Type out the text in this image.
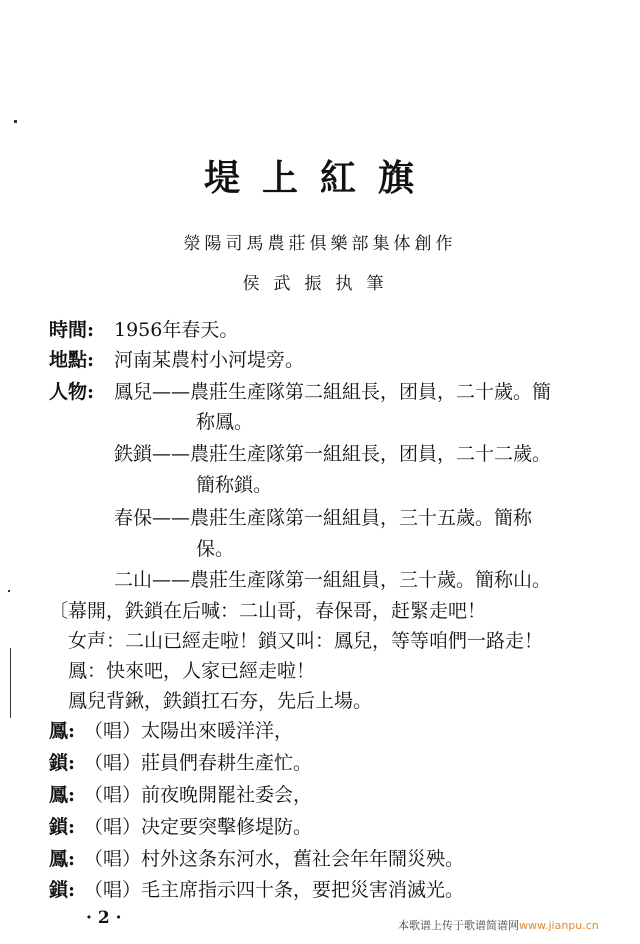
堤上紅旗
滎陽司馬農莊俱樂部集体創作
侯武振执筆
時間: 1956年春天。
地點: 河南某農村小河堤旁。
人物: 鳳兒——農莊生產隊第二組組長，团員，二十歲。簡
称鳳。
鉄鎖——農莊生產隊第一組組長，团員，二十二歲。
簡称鎖。
春保——農莊生產隊第一組組員，三十五歲。簡称
保。
二山——農莊生產隊第一組組員，三十歲。簡称山。
〔幕開，鉄鎖在后喊：二山哥，春保哥，赶緊走吧！
女声：二山已經走啦！鎖又叫：鳳兒，等等咱們一路走！
鳳：快來吧，人家已經走啦！
鳳兒背鍬，鉄鎖扛石夯，先后上場。
鳳: （唱）太陽出來暖洋洋，
鎖: （唱）莊員們春耕生產忙。
鳳: （唱）前夜晚開罷社委会，
鎖: （唱）决定要突擊修堤防。
鳳: （唱）村外这条东河水，舊社会年年鬧災殃。
鎖: （唱）毛主席指示四十条，要把災害消滅光。
· 2 ·	本歌谱上传于歌谱简谱网www.jianpu.cn
